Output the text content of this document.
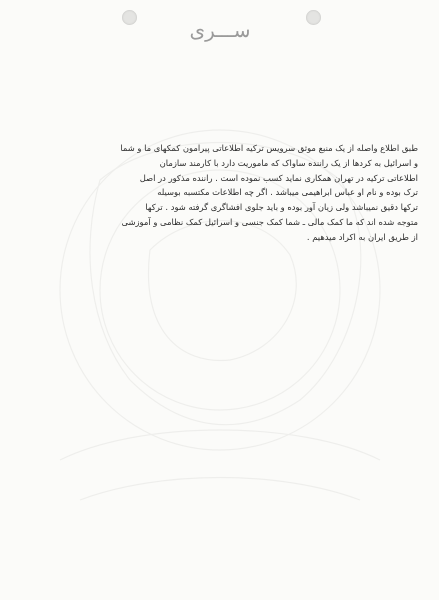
ســـری
طبق اطلاع واصله از یک منبع موثق سرویس ترکیه اطلاعاتی پیرامون کمکهای ما و شما
و اسرائیل به کردها از یک راننده ساواک که ماموریت دارد با کارمند سازمان
اطلاعاتی ترکیه در تهران همکاری نماید کسب نموده است . راننده مذکور در اصل
ترک بوده و نام او عباس ابراهیمی میباشد . اگر چه اطلاعات مکتسبه بوسیله
ترکها دقیق نمیباشد ولی زیان آور بوده و باید جلوی افشاگری گرفته شود . ترکها
متوجه شده اند که ما کمک مالی ـ شما کمک جنسی و اسرائیل کمک نظامی و آموزشی
از طریق ایران به اکراد میدهیم .
